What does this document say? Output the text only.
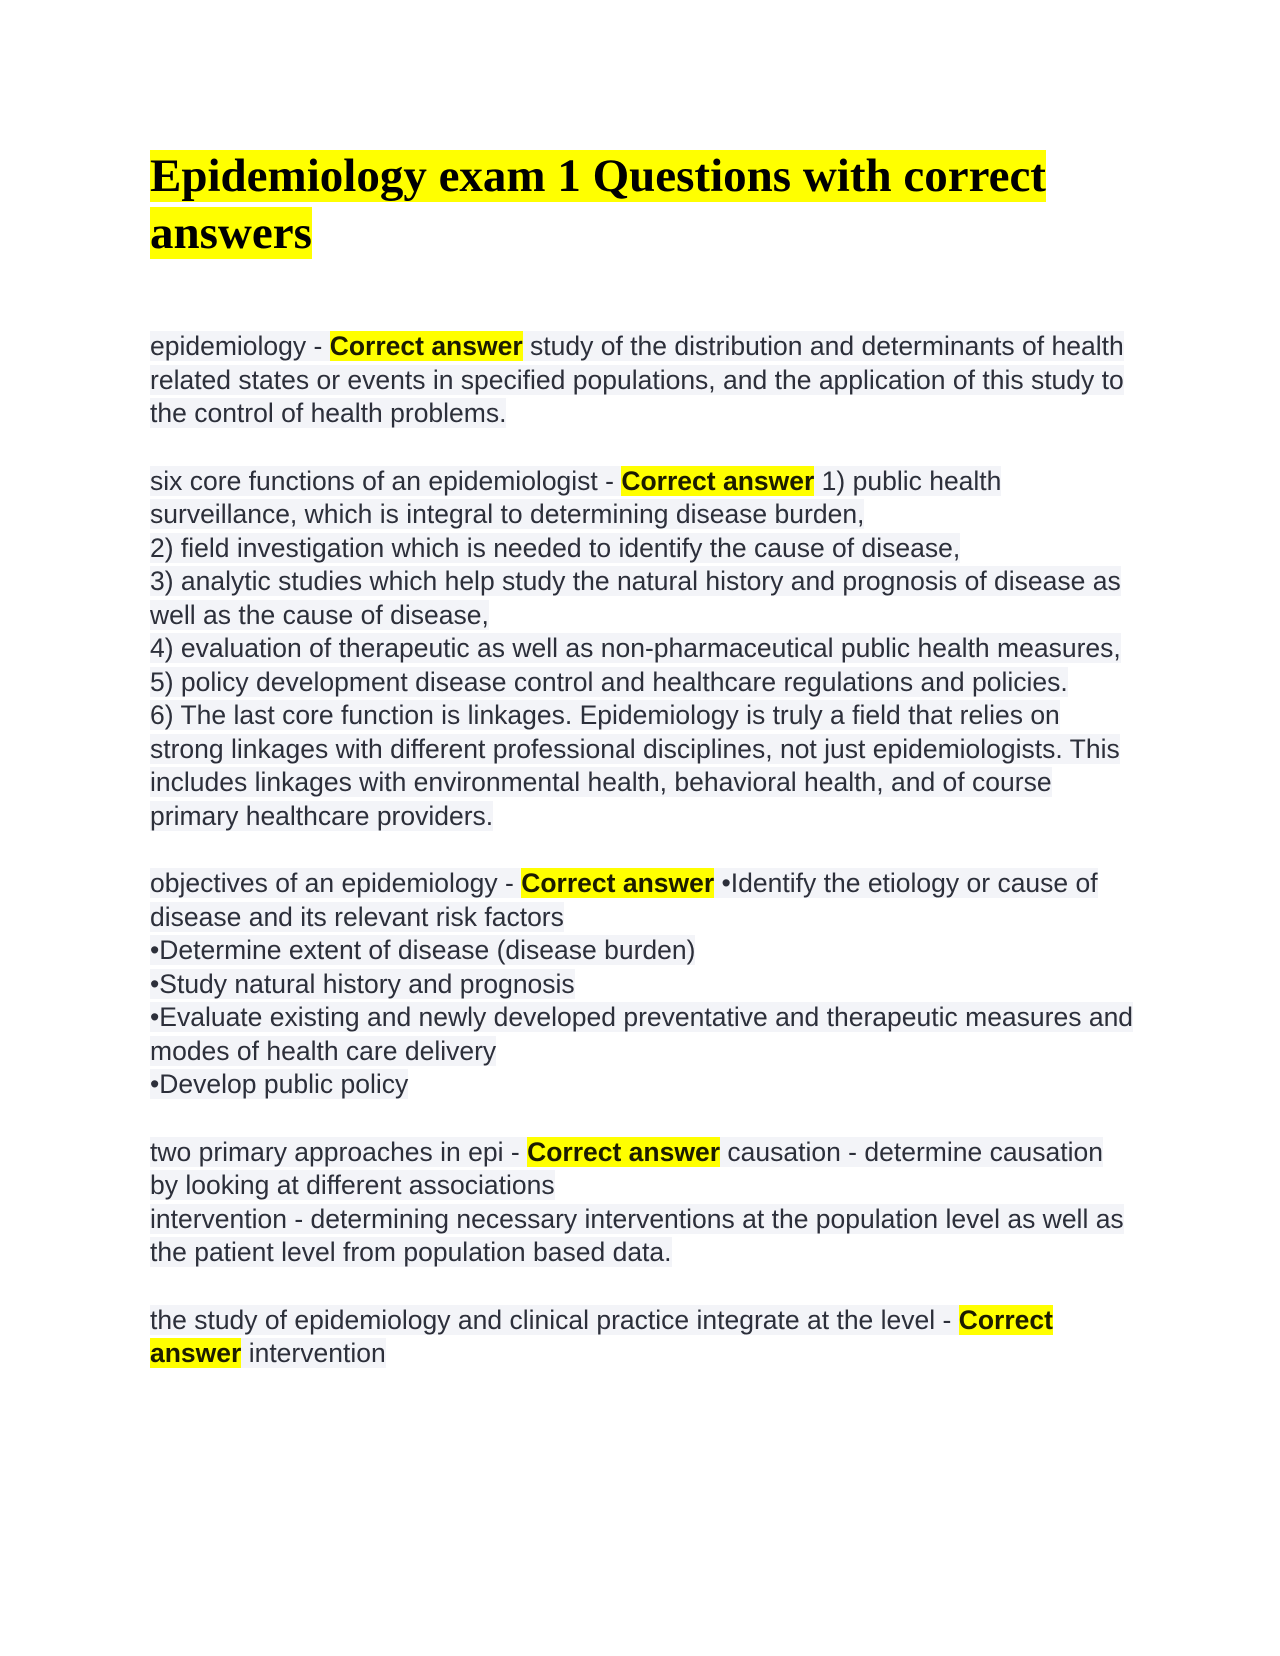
Epidemiology exam 1 Questions with correct answers

epidemiology - Correct answer study of the distribution and determinants of health related states or events in specified populations, and the application of this study to the control of health problems.

six core functions of an epidemiologist - Correct answer 1) public health surveillance, which is integral to determining disease burden,
2) field investigation which is needed to identify the cause of disease,
3) analytic studies which help study the natural history and prognosis of disease as well as the cause of disease,
4) evaluation of therapeutic as well as non-pharmaceutical public health measures,
5) policy development disease control and healthcare regulations and policies.
6) The last core function is linkages. Epidemiology is truly a field that relies on strong linkages with different professional disciplines, not just epidemiologists. This includes linkages with environmental health, behavioral health, and of course primary healthcare providers.

objectives of an epidemiology - Correct answer •Identify the etiology or cause of disease and its relevant risk factors
•Determine extent of disease (disease burden)
•Study natural history and prognosis
•Evaluate existing and newly developed preventative and therapeutic measures and modes of health care delivery
•Develop public policy

two primary approaches in epi - Correct answer causation - determine causation by looking at different associations
intervention - determining necessary interventions at the population level as well as the patient level from population based data.

the study of epidemiology and clinical practice integrate at the level - Correct answer intervention
